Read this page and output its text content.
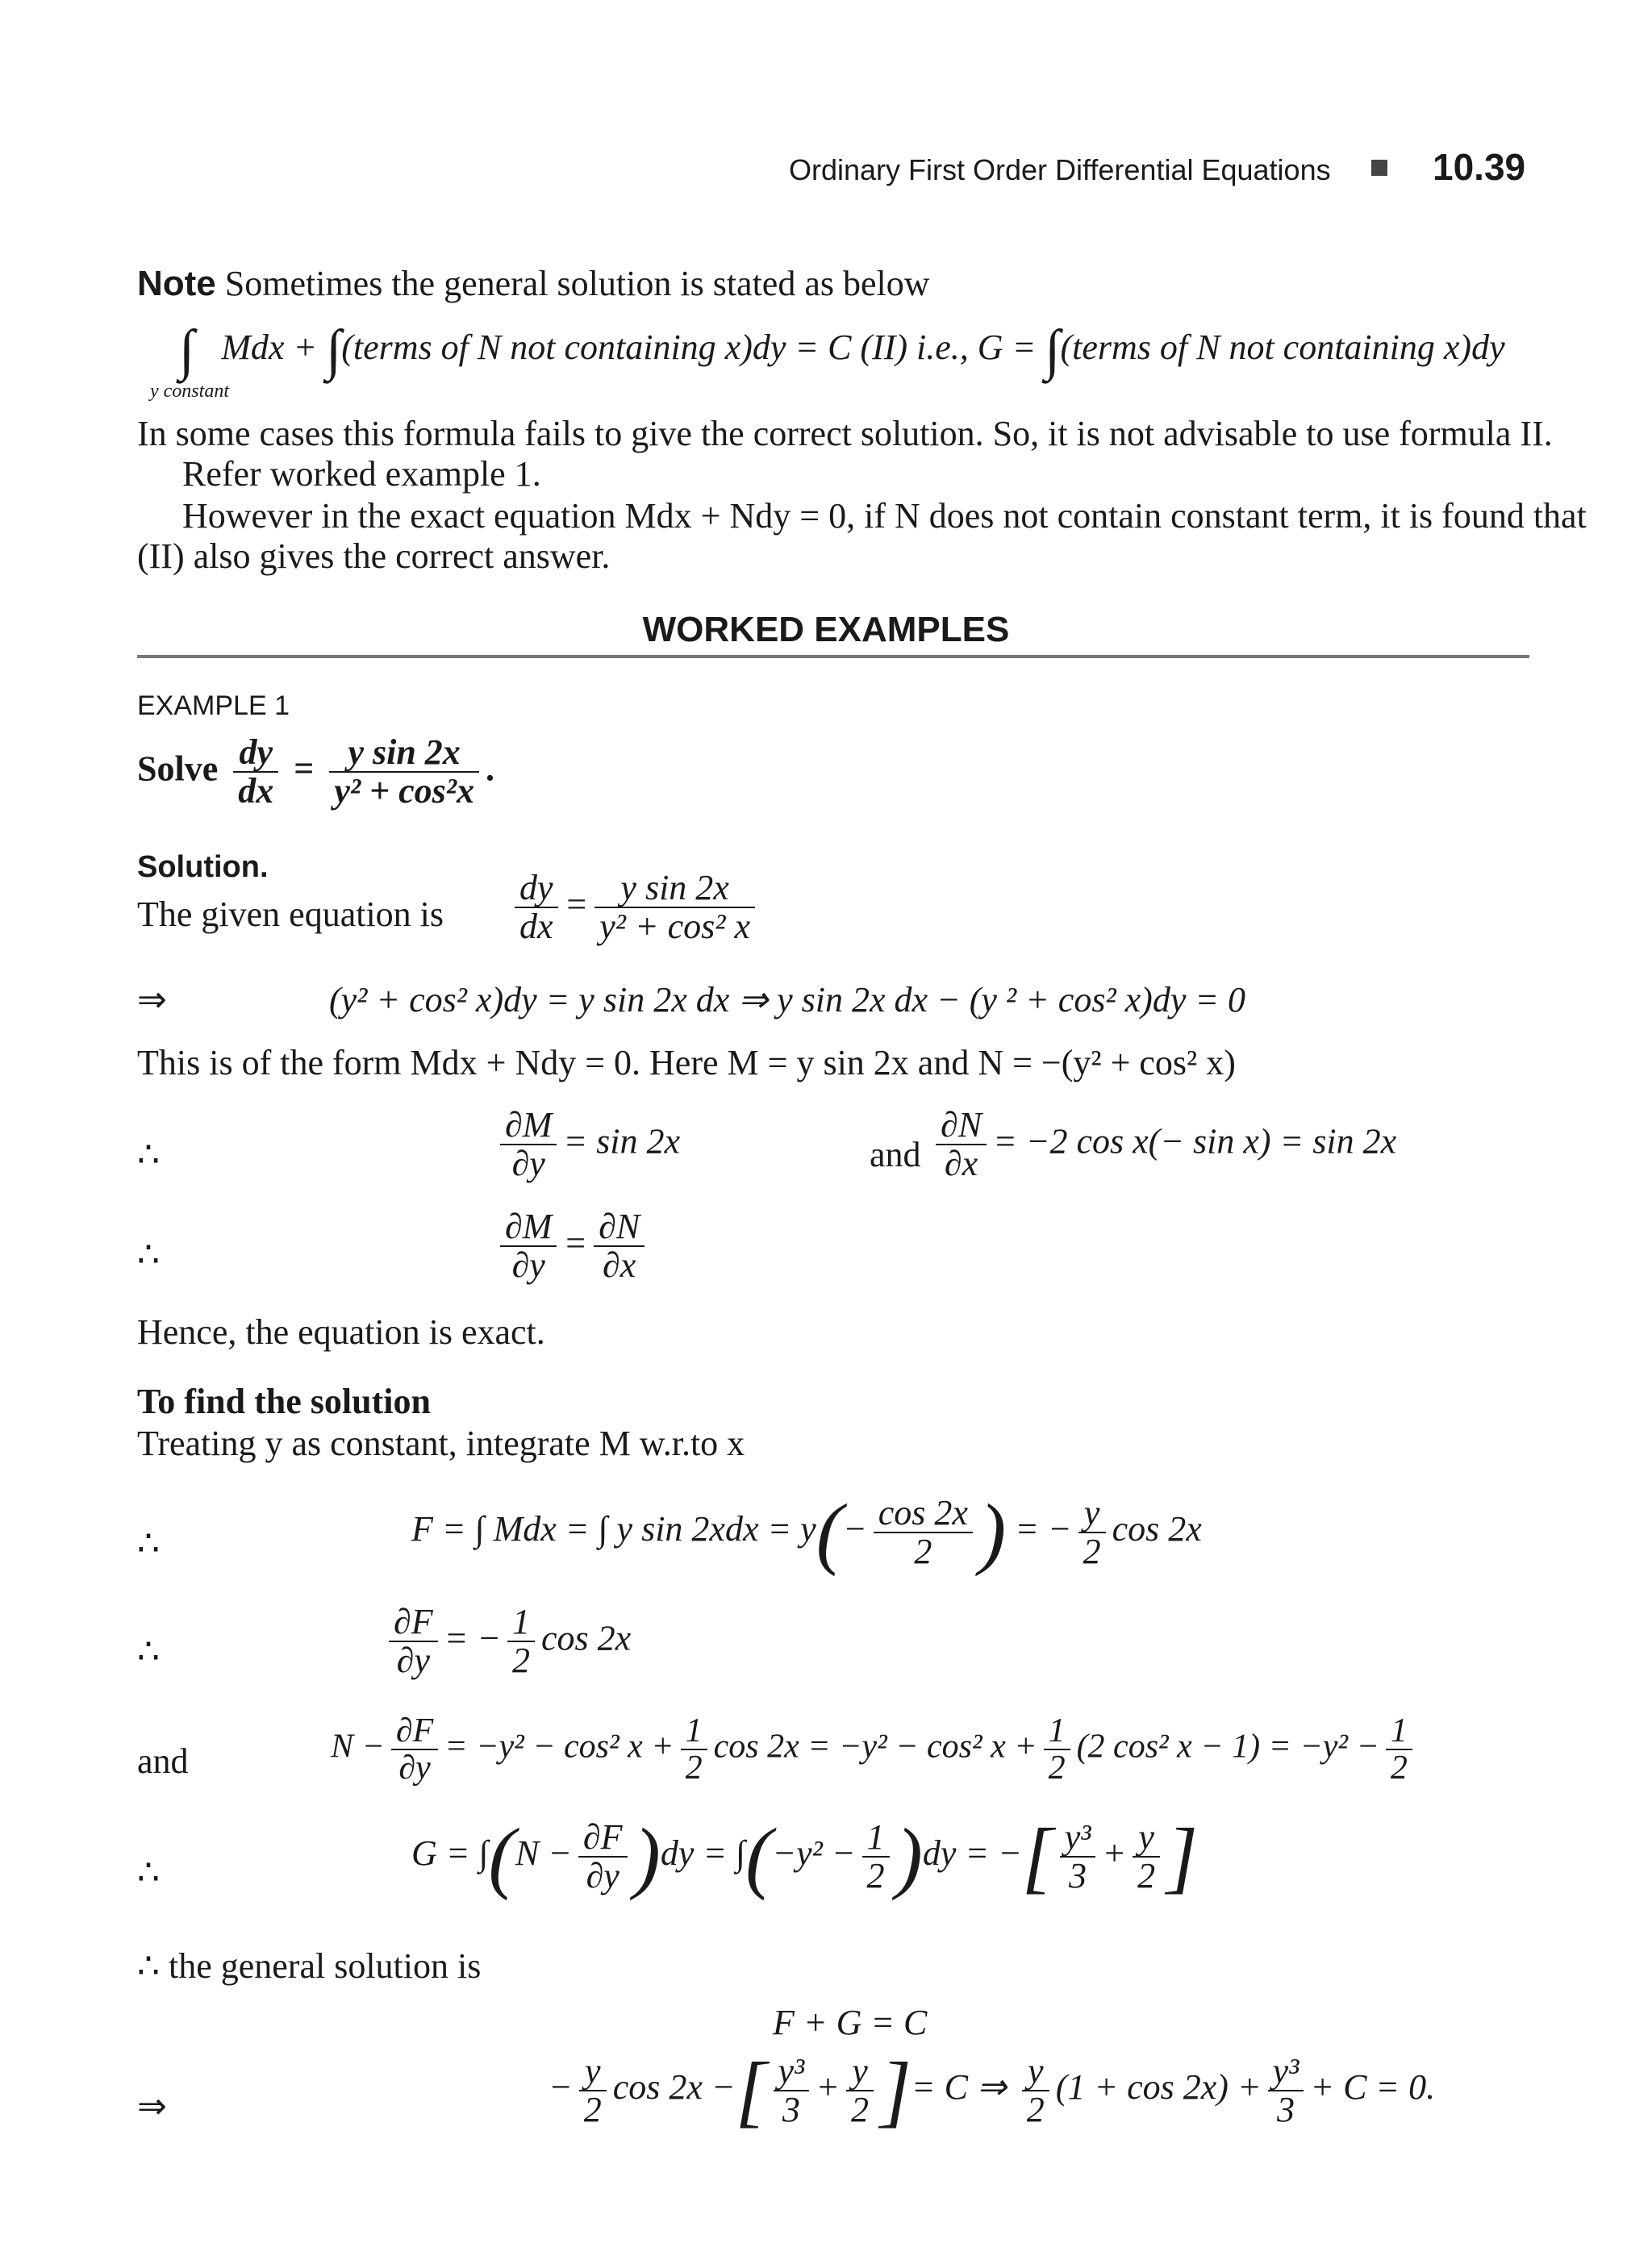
Ordinary First Order Differential Equations	10.39
Note Sometimes the general solution is stated as below
∫ Mdx + ∫(terms of N not containing x)dy = C (II) i.e., G = ∫(terms of N not containing x)dy
y constant
In some cases this formula fails to give the correct solution. So, it is not advisable to use formula II.
Refer worked example 1.
However in the exact equation Mdx + Ndy = 0, if N does not contain constant term, it is found that
(II) also gives the correct answer.
WORKED EXAMPLES
EXAMPLE 1
Solve $\frac{dy}{dx} = \frac{\text{y sin 2x}}{\text{y² + cos²x}}$ .
Solution.
The given equation is $\frac{dy}{dx} = \frac{\text{y sin 2x}}{\text{y² + cos² x}}$
⇒	(y² + cos² x)dy = y sin 2x dx ⇒ y sin 2x dx − (y ² + cos² x)dy = 0
This is of the form Mdx + Ndy = 0. Here M = y sin 2x and N = −(y² + cos² x)
∴	$\frac{\partial M}{\partial y} = \sin 2x$	and $\frac{\partial N}{\partial x} = -2$ cos x(− sin x) = sin 2x
∴	$\frac{\partial M}{\partial y} = \frac{\partial N}{\partial x}$
Hence, the equation is exact.
To find the solution
Treating y as constant, integrate M w.r.to x
∴	F = ∫ Mdx = ∫ y $\sin 2xdx = y(- \frac{\cos 2x}{2}$ ) = − $\frac{y}{2}$ cos 2x
∴	$\frac{\partial F}{\partial y}$ = − $\frac{1}{2}$ cos 2x
and	$N - \frac{\partial F}{\partial y} = -y^2 - \cos^2$ $x + \frac{1}{2}$ cos 2x = −y² − cos² $x + \frac{1}{2} (2$ cos² $x - 1) = -y^2 - \frac{1}{2}$
∴	$G = \int(N - \frac{\partial F}{\partial y} )dy = \int(-y^2 - \frac{1}{2} )dy$ = −[ $\frac{\text{y³}}{3} + \frac{y}{2}$ ]
∴ the general solution is
F + G = C
⇒	− $\frac{y}{2}$ cos 2x −[ $\frac{\text{y³}}{3} + \frac{y}{2}$ ]= C ⇒ $\frac{y}{2} (1 + \cos 2x) + \frac{\text{y³}}{3} + C = 0$.
